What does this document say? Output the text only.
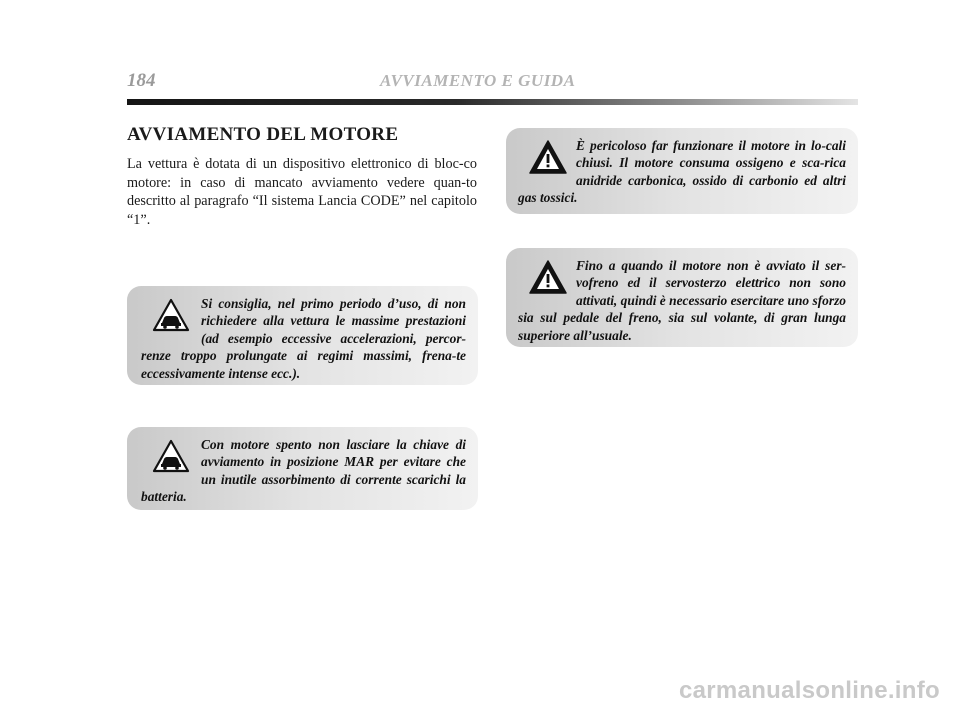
184	AVVIAMENTO E GUIDA
AVVIAMENTO DEL MOTORE

La vettura è dotata di un dispositivo elettronico di bloc-co motore: in caso di mancato avviamento vedere quan-to descritto al paragrafo “Il sistema Lancia CODE” nel capitolo “1”.

Si consiglia, nel primo periodo d’uso, di non richiedere alla vettura le massime prestazioni (ad esempio eccessive accelerazioni, percor-renze troppo prolungate ai regimi massimi, frena-te eccessivamente intense ecc.).
Con motore spento non lasciare la chiave di avviamento in posizione MAR per evitare che un inutile assorbimento di corrente scarichi la batteria.
È pericoloso far funzionare il motore in lo-cali chiusi. Il motore consuma ossigeno e sca-rica anidride carbonica, ossido di carbonio ed altri gas tossici.
Fino a quando il motore non è avviato il ser-vofreno ed il servosterzo elettrico non sono attivati, quindi è necessario esercitare uno sforzo sia sul pedale del freno, sia sul volante, di gran lunga superiore all’usuale.
carmanualsonline.info
